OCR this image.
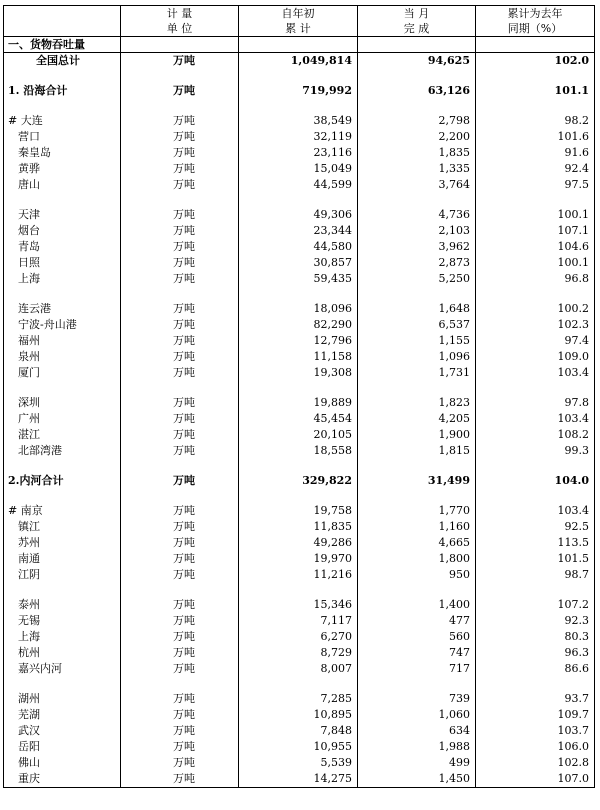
	计 量	自年初	当 月	累计为去年
	单 位	累 计	完 成	同期（%）
一、货物吞吐量				
全国总计	万吨	1,049,814	94,625	102.0

1. 沿海合计	万吨	719,992	63,126	101.1

# 大连	万吨	38,549	2,798	98.2
营口	万吨	32,119	2,200	101.6
秦皇岛	万吨	23,116	1,835	91.6
黄骅	万吨	15,049	1,335	92.4
唐山	万吨	44,599	3,764	97.5

天津	万吨	49,306	4,736	100.1
烟台	万吨	23,344	2,103	107.1
青岛	万吨	44,580	3,962	104.6
日照	万吨	30,857	2,873	100.1
上海	万吨	59,435	5,250	96.8

连云港	万吨	18,096	1,648	100.2
宁波-舟山港	万吨	82,290	6,537	102.3
福州	万吨	12,796	1,155	97.4
泉州	万吨	11,158	1,096	109.0
厦门	万吨	19,308	1,731	103.4

深圳	万吨	19,889	1,823	97.8
广州	万吨	45,454	4,205	103.4
湛江	万吨	20,105	1,900	108.2
北部湾港	万吨	18,558	1,815	99.3

2.内河合计	万吨	329,822	31,499	104.0

# 南京	万吨	19,758	1,770	103.4
镇江	万吨	11,835	1,160	92.5
苏州	万吨	49,286	4,665	113.5
南通	万吨	19,970	1,800	101.5
江阴	万吨	11,216	950	98.7

泰州	万吨	15,346	1,400	107.2
无锡	万吨	7,117	477	92.3
上海	万吨	6,270	560	80.3
杭州	万吨	8,729	747	96.3
嘉兴内河	万吨	8,007	717	86.6

湖州	万吨	7,285	739	93.7
芜湖	万吨	10,895	1,060	109.7
武汉	万吨	7,848	634	103.7
岳阳	万吨	10,955	1,988	106.0
佛山	万吨	5,539	499	102.8
重庆	万吨	14,275	1,450	107.0
